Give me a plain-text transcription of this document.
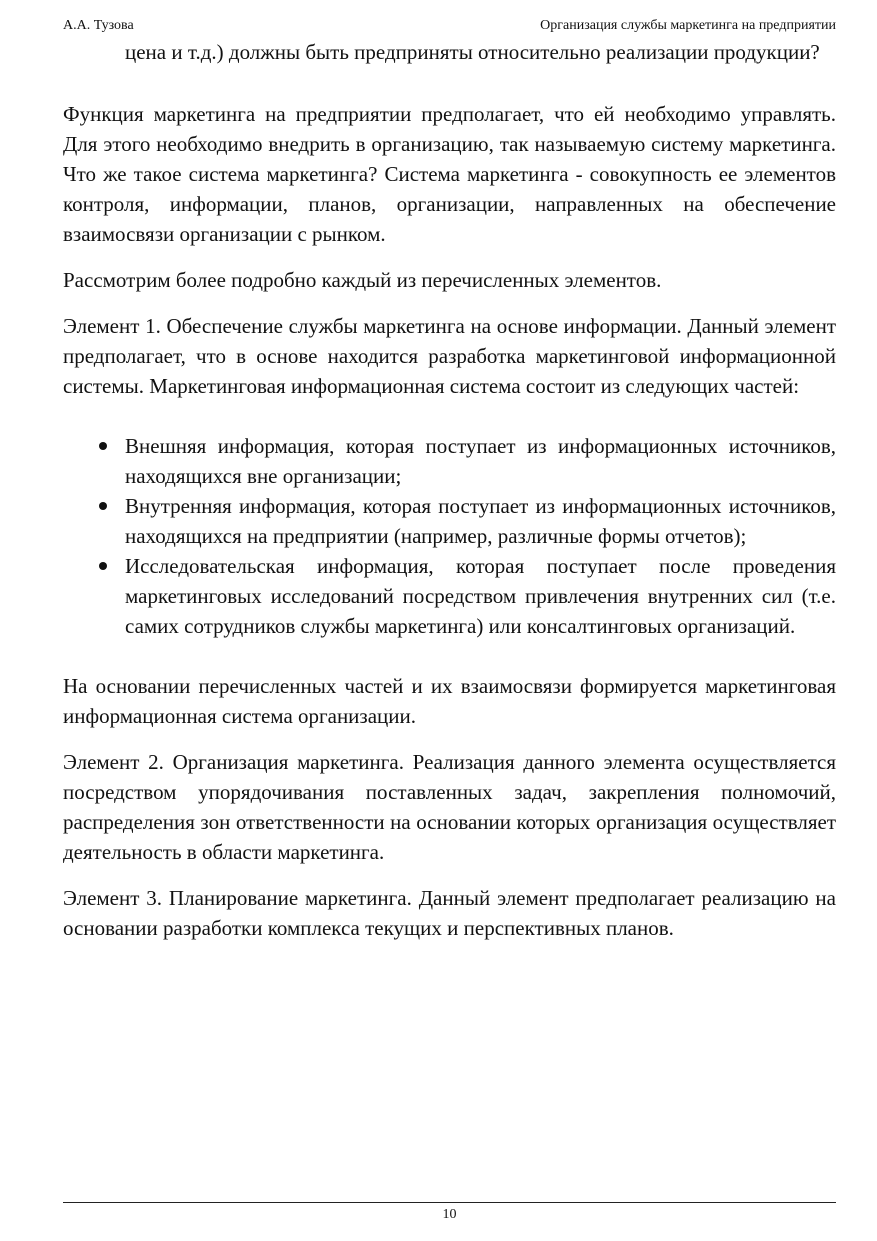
А.А. Тузова	Организация службы маркетинга на предприятии

цена и т.д.) должны быть предприняты относительно реализации продукции?

Функция маркетинга на предприятии предполагает, что ей необходимо управлять. Для этого необходимо внедрить в организацию, так называемую систему маркетинга. Что же такое система маркетинга? Система маркетинга - совокупность ее элементов контроля, информации, планов, организации, направленных на обеспечение взаимосвязи организации с рынком.

Рассмотрим более подробно каждый из перечисленных элементов.

Элемент 1. Обеспечение службы маркетинга на основе информации. Данный элемент предполагает, что в основе находится разработка маркетинговой информационной системы. Маркетинговая информационная система состоит из следующих частей:

Внешняя информация, которая поступает из информационных источников, находящихся вне организации;
Внутренняя информация, которая поступает из информационных источников, находящихся на предприятии (например, различные формы отчетов);
Исследовательская информация, которая поступает после проведения маркетинговых исследований посредством привлечения внутренних сил (т.е. самих сотрудников службы маркетинга) или консалтинговых организаций.

На основании перечисленных частей и их взаимосвязи формируется маркетинговая информационная система организации.

Элемент 2. Организация маркетинга. Реализация данного элемента осуществляется посредством упорядочивания поставленных задач, закрепления полномочий, распределения зон ответственности на основании которых организация осуществляет деятельность в области маркетинга.

Элемент 3. Планирование маркетинга. Данный элемент предполагает реализацию на основании разработки комплекса текущих и перспективных планов.

10
